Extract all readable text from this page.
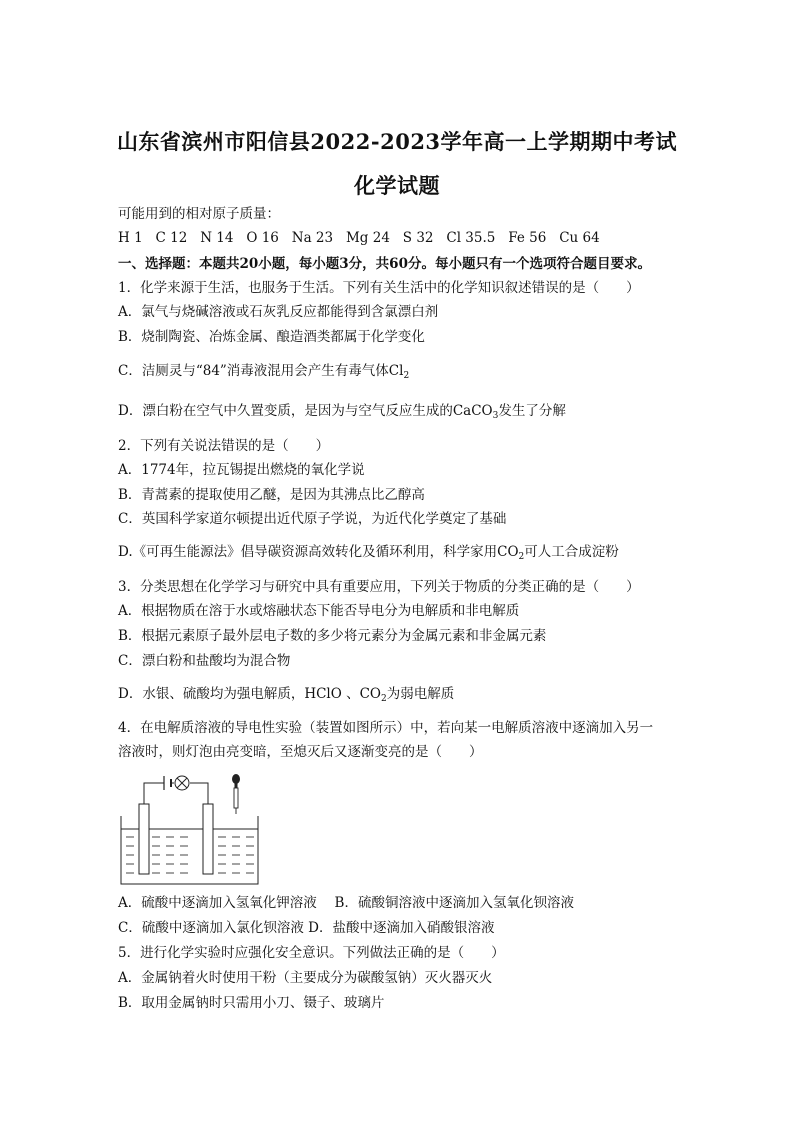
山东省滨州市阳信县2022-2023学年高一上学期期中考试
化学试题
可能用到的相对原子质量：
H 1   C 12   N 14   O 16   Na 23   Mg 24   S 32   Cl 35.5   Fe 56   Cu 64
一、选择题：本题共20小题，每小题3分，共60分。每小题只有一个选项符合题目要求。
1．化学来源于生活，也服务于生活。下列有关生活中的化学知识叙述错误的是（　　）
A．氯气与烧碱溶液或石灰乳反应都能得到含氯漂白剂
B．烧制陶瓷、冶炼金属、酿造酒类都属于化学变化
C．洁厕灵与“84”消毒液混用会产生有毒气体$Cl_2$
D．漂白粉在空气中久置变质，是因为与空气反应生成的CaCO$_3$发生了分解
2．下列有关说法错误的是（　　）
A．1774年，拉瓦锡提出燃烧的氧化学说
B．青蒿素的提取使用乙醚，是因为其沸点比乙醇高
C．英国科学家道尔顿提出近代原子学说，为近代化学奠定了基础
D.《可再生能源法》倡导碳资源高效转化及循环利用，科学家用$CO_2$可人工合成淀粉
3．分类思想在化学学习与研究中具有重要应用，下列关于物质的分类正确的是（　　）
A．根据物质在溶于水或熔融状态下能否导电分为电解质和非电解质
B．根据元素原子最外层电子数的多少将元素分为金属元素和非金属元素
C．漂白粉和盐酸均为混合物
D．水银、硫酸均为强电解质，HClO 、$CO_2$为弱电解质
4．在电解质溶液的导电性实验（装置如图所示）中，若向某一电解质溶液中逐滴加入另一
溶液时，则灯泡由亮变暗，至熄灭后又逐渐变亮的是（　　）
A．硫酸中逐滴加入氢氧化钾溶液　 B．硫酸铜溶液中逐滴加入氢氧化钡溶液
C．硫酸中逐滴加入氯化钡溶液 D．盐酸中逐滴加入硝酸银溶液
5．进行化学实验时应强化安全意识。下列做法正确的是（　　）
A．金属钠着火时使用干粉（主要成分为碳酸氢钠）灭火器灭火
B．取用金属钠时只需用小刀、镊子、玻璃片
